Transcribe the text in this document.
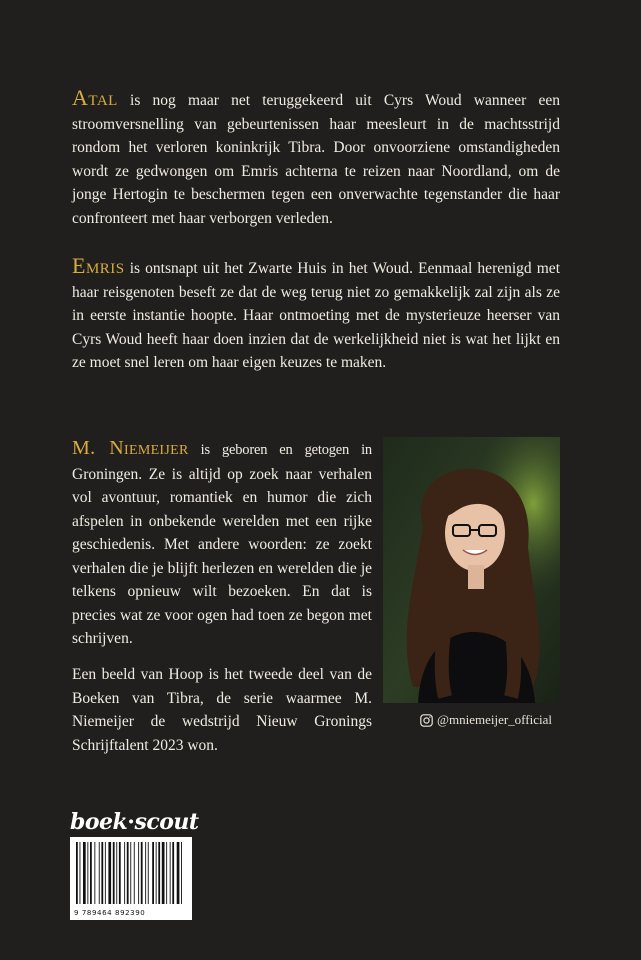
Atal is nog maar net teruggekeerd uit Cyrs Woud wanneer een stroomversnelling van gebeurtenissen haar meesleurt in de machtsstrijd rondom het verloren koninkrijk Tibra. Door onvoorziene omstandigheden wordt ze gedwongen om Emris achterna te reizen naar Noordland, om de jonge Hertogin te beschermen tegen een onverwachte tegenstander die haar confronteert met haar verborgen verleden.
Emris is ontsnapt uit het Zwarte Huis in het Woud. Eenmaal herenigd met haar reisgenoten beseft ze dat de weg terug niet zo gemakkelijk zal zijn als ze in eerste instantie hoopte. Haar ontmoeting met de mysterieuze heerser van Cyrs Woud heeft haar doen inzien dat de werkelijkheid niet is wat het lijkt en ze moet snel leren om haar eigen keuzes te maken.
M. Niemeijer is geboren en getogen in Groningen. Ze is altijd op zoek naar verhalen vol avontuur, romantiek en humor die zich afspelen in onbekende werelden met een rijke geschiedenis. Met andere woorden: ze zoekt verhalen die je blijft herlezen en werelden die je telkens opnieuw wilt bezoeken. En dat is precies wat ze voor ogen had toen ze begon met schrijven.
Een beeld van Hoop is het tweede deel van de Boeken van Tibra, de serie waarmee M. Niemeijer de wedstrijd Nieuw Gronings Schrijftalent 2023 won.
@mniemeijer_official
boek·scout
9 789464 892390
